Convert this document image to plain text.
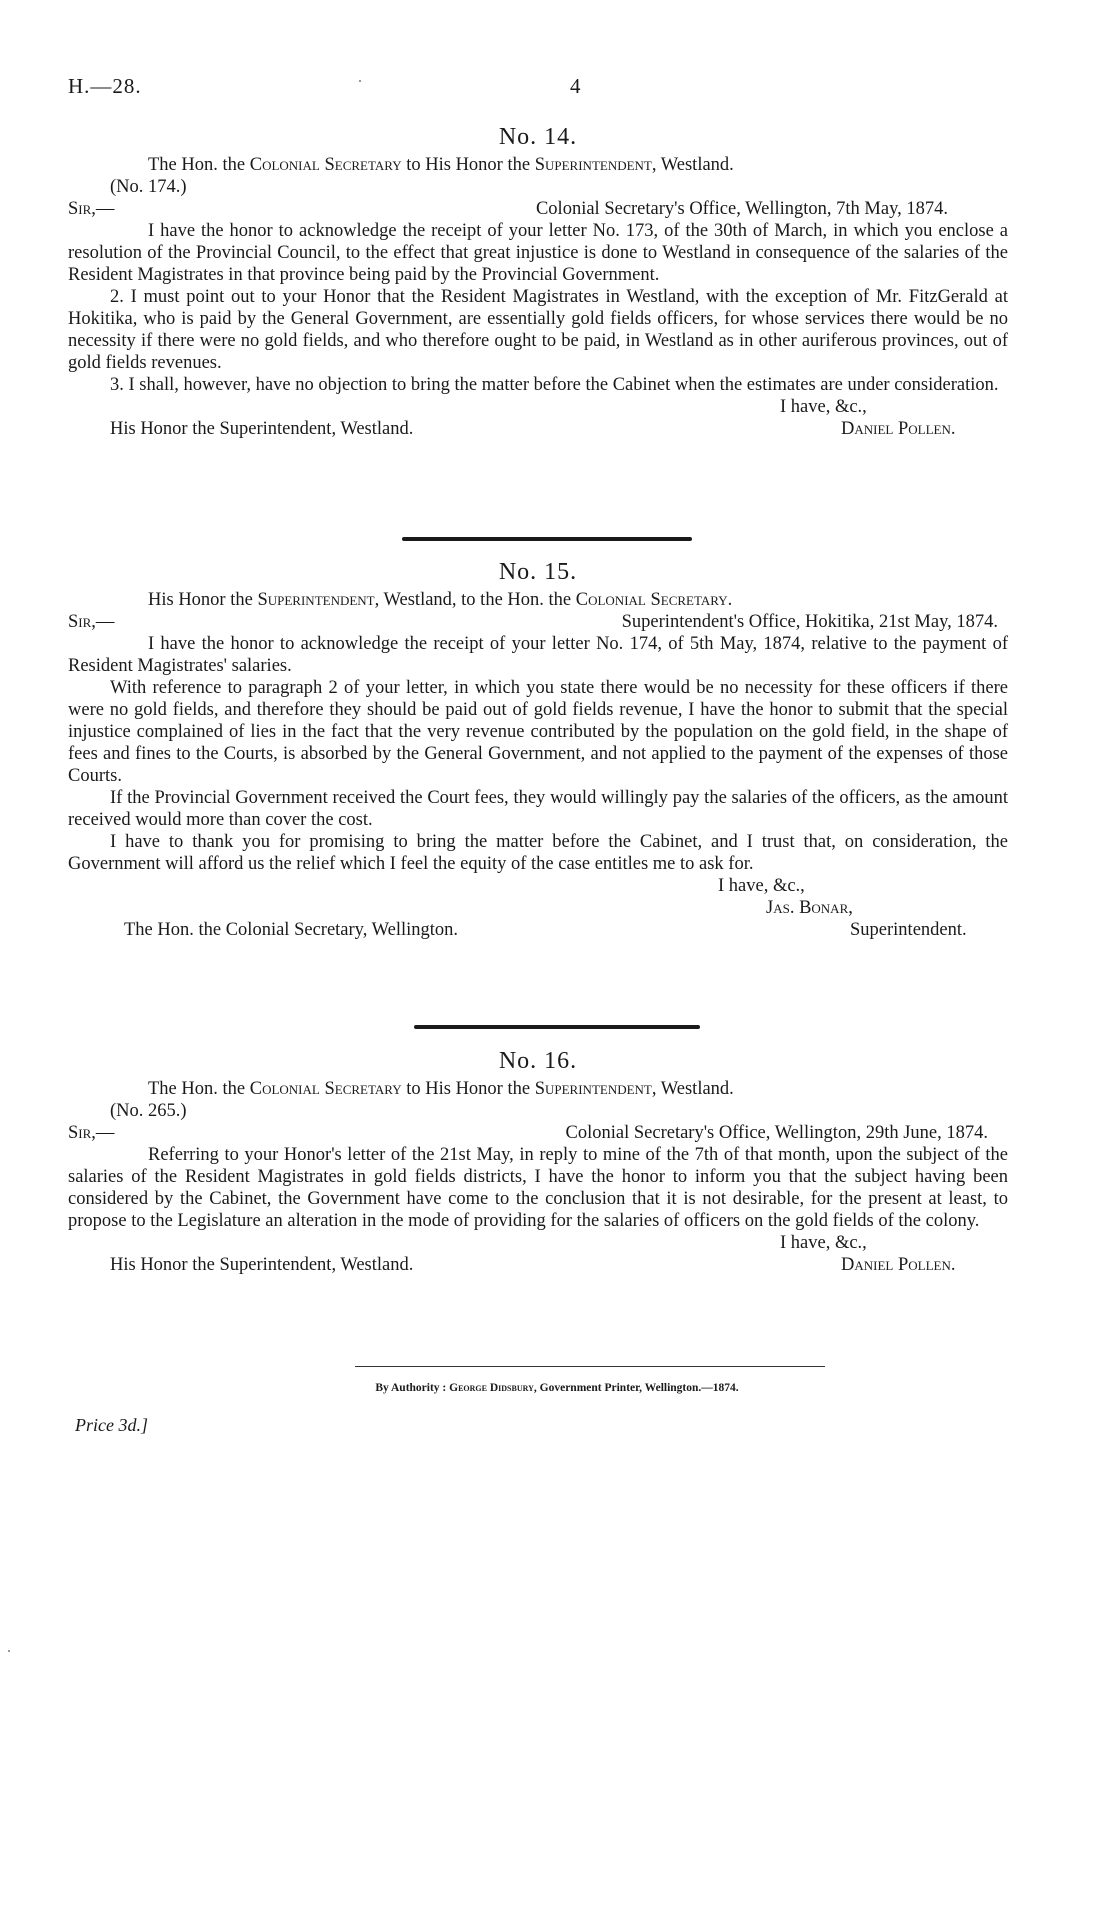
H.—28.	4
No. 14.

The Hon. the Colonial Secretary to His Honor the Superintendent, Westland.

(No. 174.)

Sir,—	Colonial Secretary's Office, Wellington, 7th May, 1874.

I have the honor to acknowledge the receipt of your letter No. 173, of the 30th of March, in which you enclose a resolution of the Provincial Council, to the effect that great injustice is done to Westland in consequence of the salaries of the Resident Magistrates in that province being paid by the Provincial Government.

2. I must point out to your Honor that the Resident Magistrates in Westland, with the exception of Mr. FitzGerald at Hokitika, who is paid by the General Government, are essentially gold fields officers, for whose services there would be no necessity if there were no gold fields, and who therefore ought to be paid, in Westland as in other auriferous provinces, out of gold fields revenues.

3. I shall, however, have no objection to bring the matter before the Cabinet when the estimates are under consideration.

I have, &c.,
His Honor the Superintendent, Westland.	Daniel Pollen.
No. 15.

His Honor the Superintendent, Westland, to the Hon. the Colonial Secretary.

Sir,—	Superintendent's Office, Hokitika, 21st May, 1874.

I have the honor to acknowledge the receipt of your letter No. 174, of 5th May, 1874, relative to the payment of Resident Magistrates' salaries.

With reference to paragraph 2 of your letter, in which you state there would be no necessity for these officers if there were no gold fields, and therefore they should be paid out of gold fields revenue, I have the honor to submit that the special injustice complained of lies in the fact that the very revenue contributed by the population on the gold field, in the shape of fees and fines to the Courts, is absorbed by the General Government, and not applied to the payment of the expenses of those Courts.

If the Provincial Government received the Court fees, they would willingly pay the salaries of the officers, as the amount received would more than cover the cost.

I have to thank you for promising to bring the matter before the Cabinet, and I trust that, on consideration, the Government will afford us the relief which I feel the equity of the case entitles me to ask for.

I have, &c.,
Jas. Bonar,
The Hon. the Colonial Secretary, Wellington.	Superintendent.
No. 16.

The Hon. the Colonial Secretary to His Honor the Superintendent, Westland.

(No. 265.)

Sir,—	Colonial Secretary's Office, Wellington, 29th June, 1874.

Referring to your Honor's letter of the 21st May, in reply to mine of the 7th of that month, upon the subject of the salaries of the Resident Magistrates in gold fields districts, I have the honor to inform you that the subject having been considered by the Cabinet, the Government have come to the conclusion that it is not desirable, for the present at least, to propose to the Legislature an alteration in the mode of providing for the salaries of officers on the gold fields of the colony.

I have, &c.,
His Honor the Superintendent, Westland.	Daniel Pollen.
By Authority : George Didsbury, Government Printer, Wellington.—1874.
Price 3d.]
